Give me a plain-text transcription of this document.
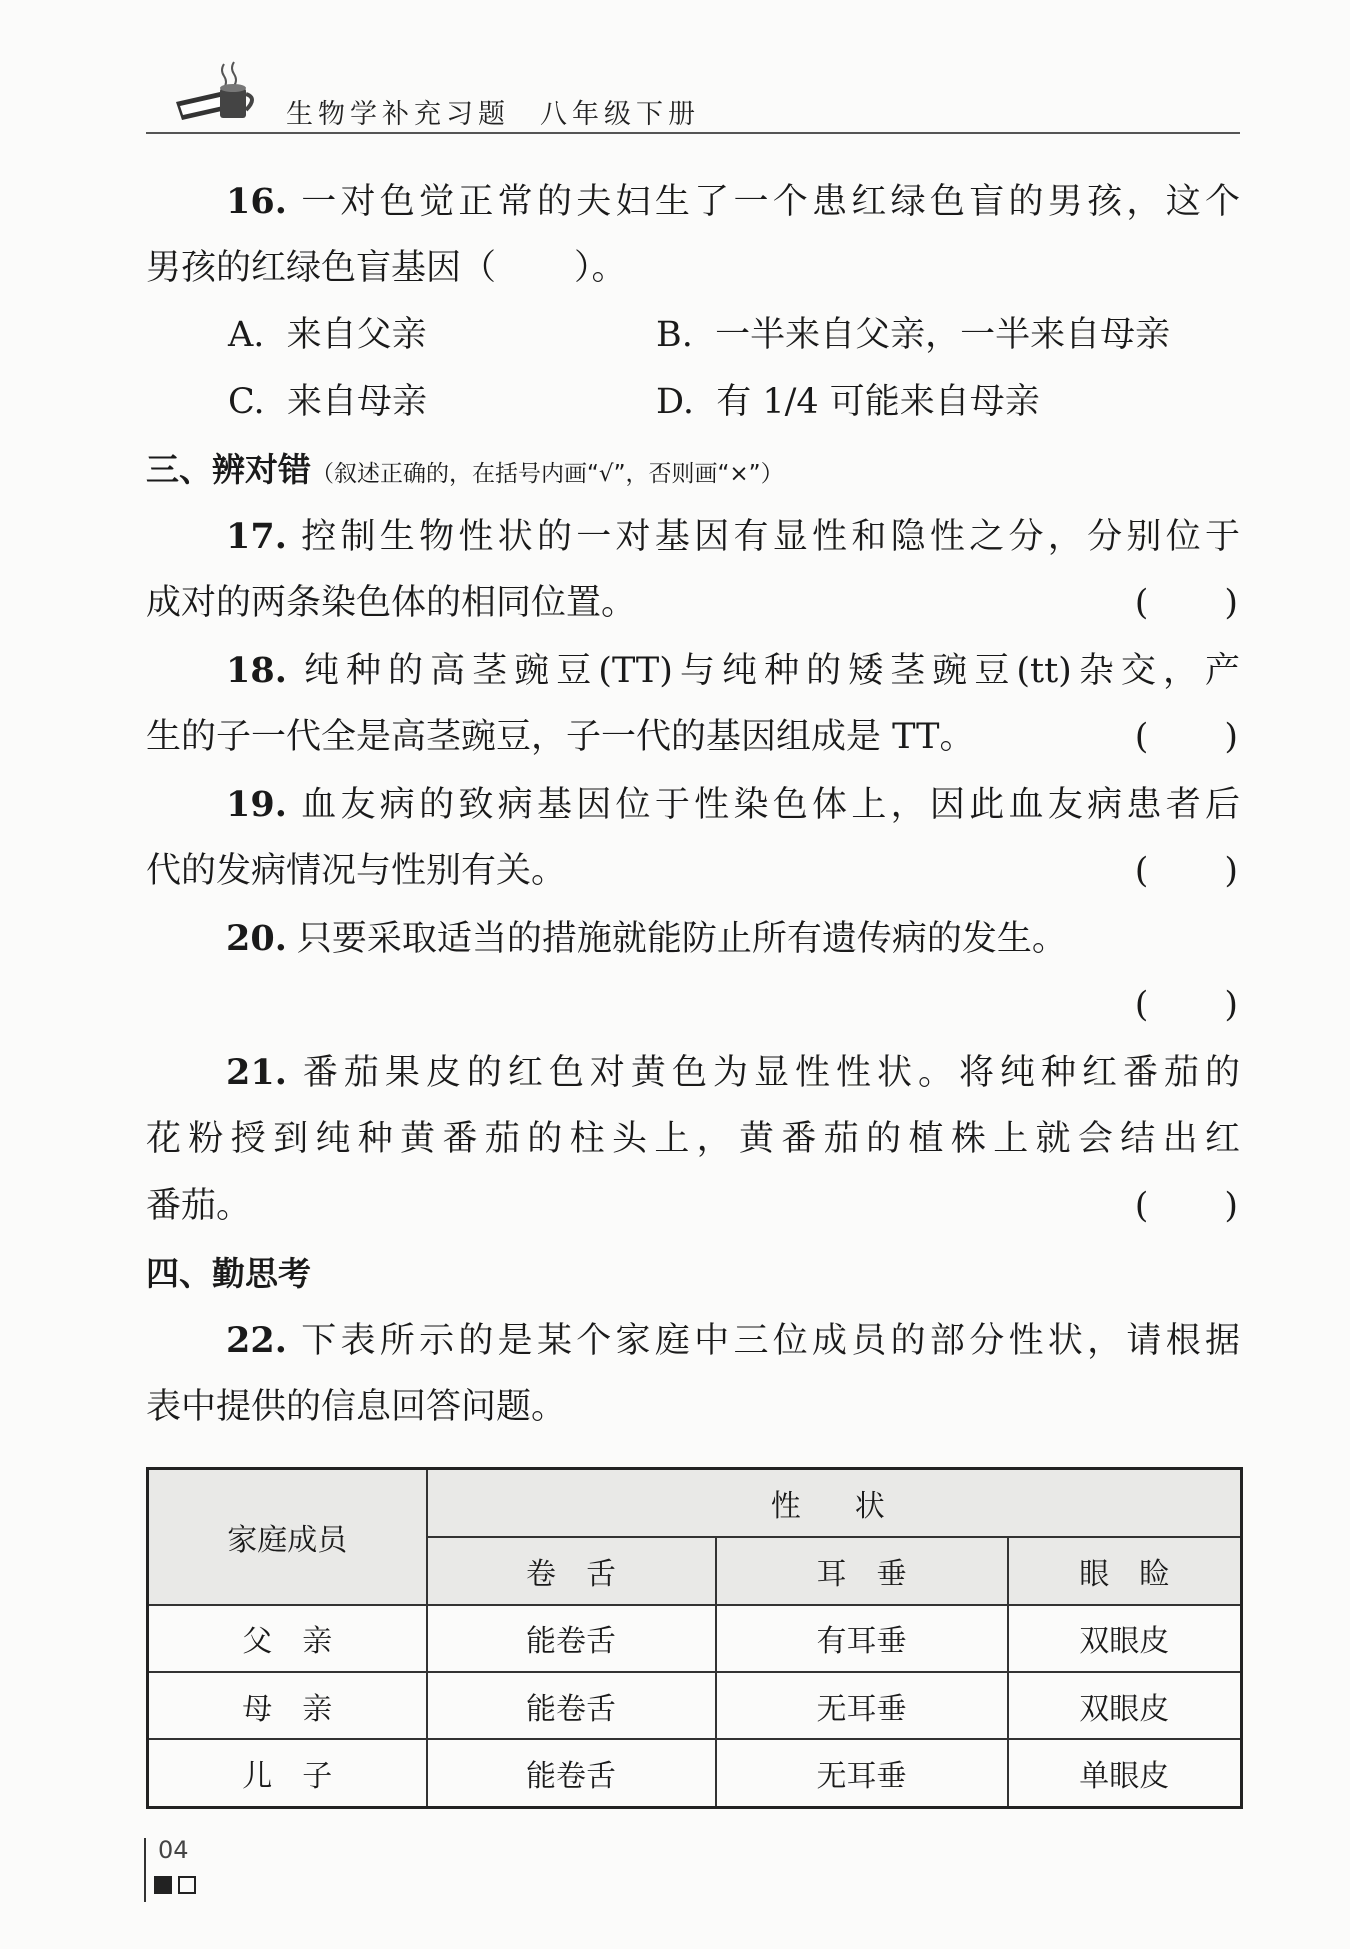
生物学补充习题 八年级下册
16. 一对色觉正常的夫妇生了一个患红绿色盲的男孩，这个
男孩的红绿色盲基因（　　 ）。
A. 来自父亲	B. 一半来自父亲，一半来自母亲
C. 来自母亲	D. 有 1/4 可能来自母亲
三、辨对错（叙述正确的，在括号内画“√”，否则画“×”）
17. 控制生物性状的一对基因有显性和隐性之分，分别位于
成对的两条染色体的相同位置。	(　　)
18. 纯种的高茎豌豆(TT)与纯种的矮茎豌豆(tt)杂交，产
生的子一代全是高茎豌豆，子一代的基因组成是 TT。	(　　)
19. 血友病的致病基因位于性染色体上，因此血友病患者后
代的发病情况与性别有关。	(　　)
20. 只要采取适当的措施就能防止所有遗传病的发生。
(　　)
21. 番茄果皮的红色对黄色为显性性状。将纯种红番茄的
花粉授到纯种黄番茄的柱头上，黄番茄的植株上就会结出红
番茄。	(　　)
四、勤思考
22. 下表所示的是某个家庭中三位成员的部分性状，请根据
表中提供的信息回答问题。
家庭成员	性　状		
	卷　舌	耳　垂	眼　睑
父　亲	能卷舌	有耳垂	双眼皮
母　亲	能卷舌	无耳垂	双眼皮
儿　子	能卷舌	无耳垂	单眼皮
04
